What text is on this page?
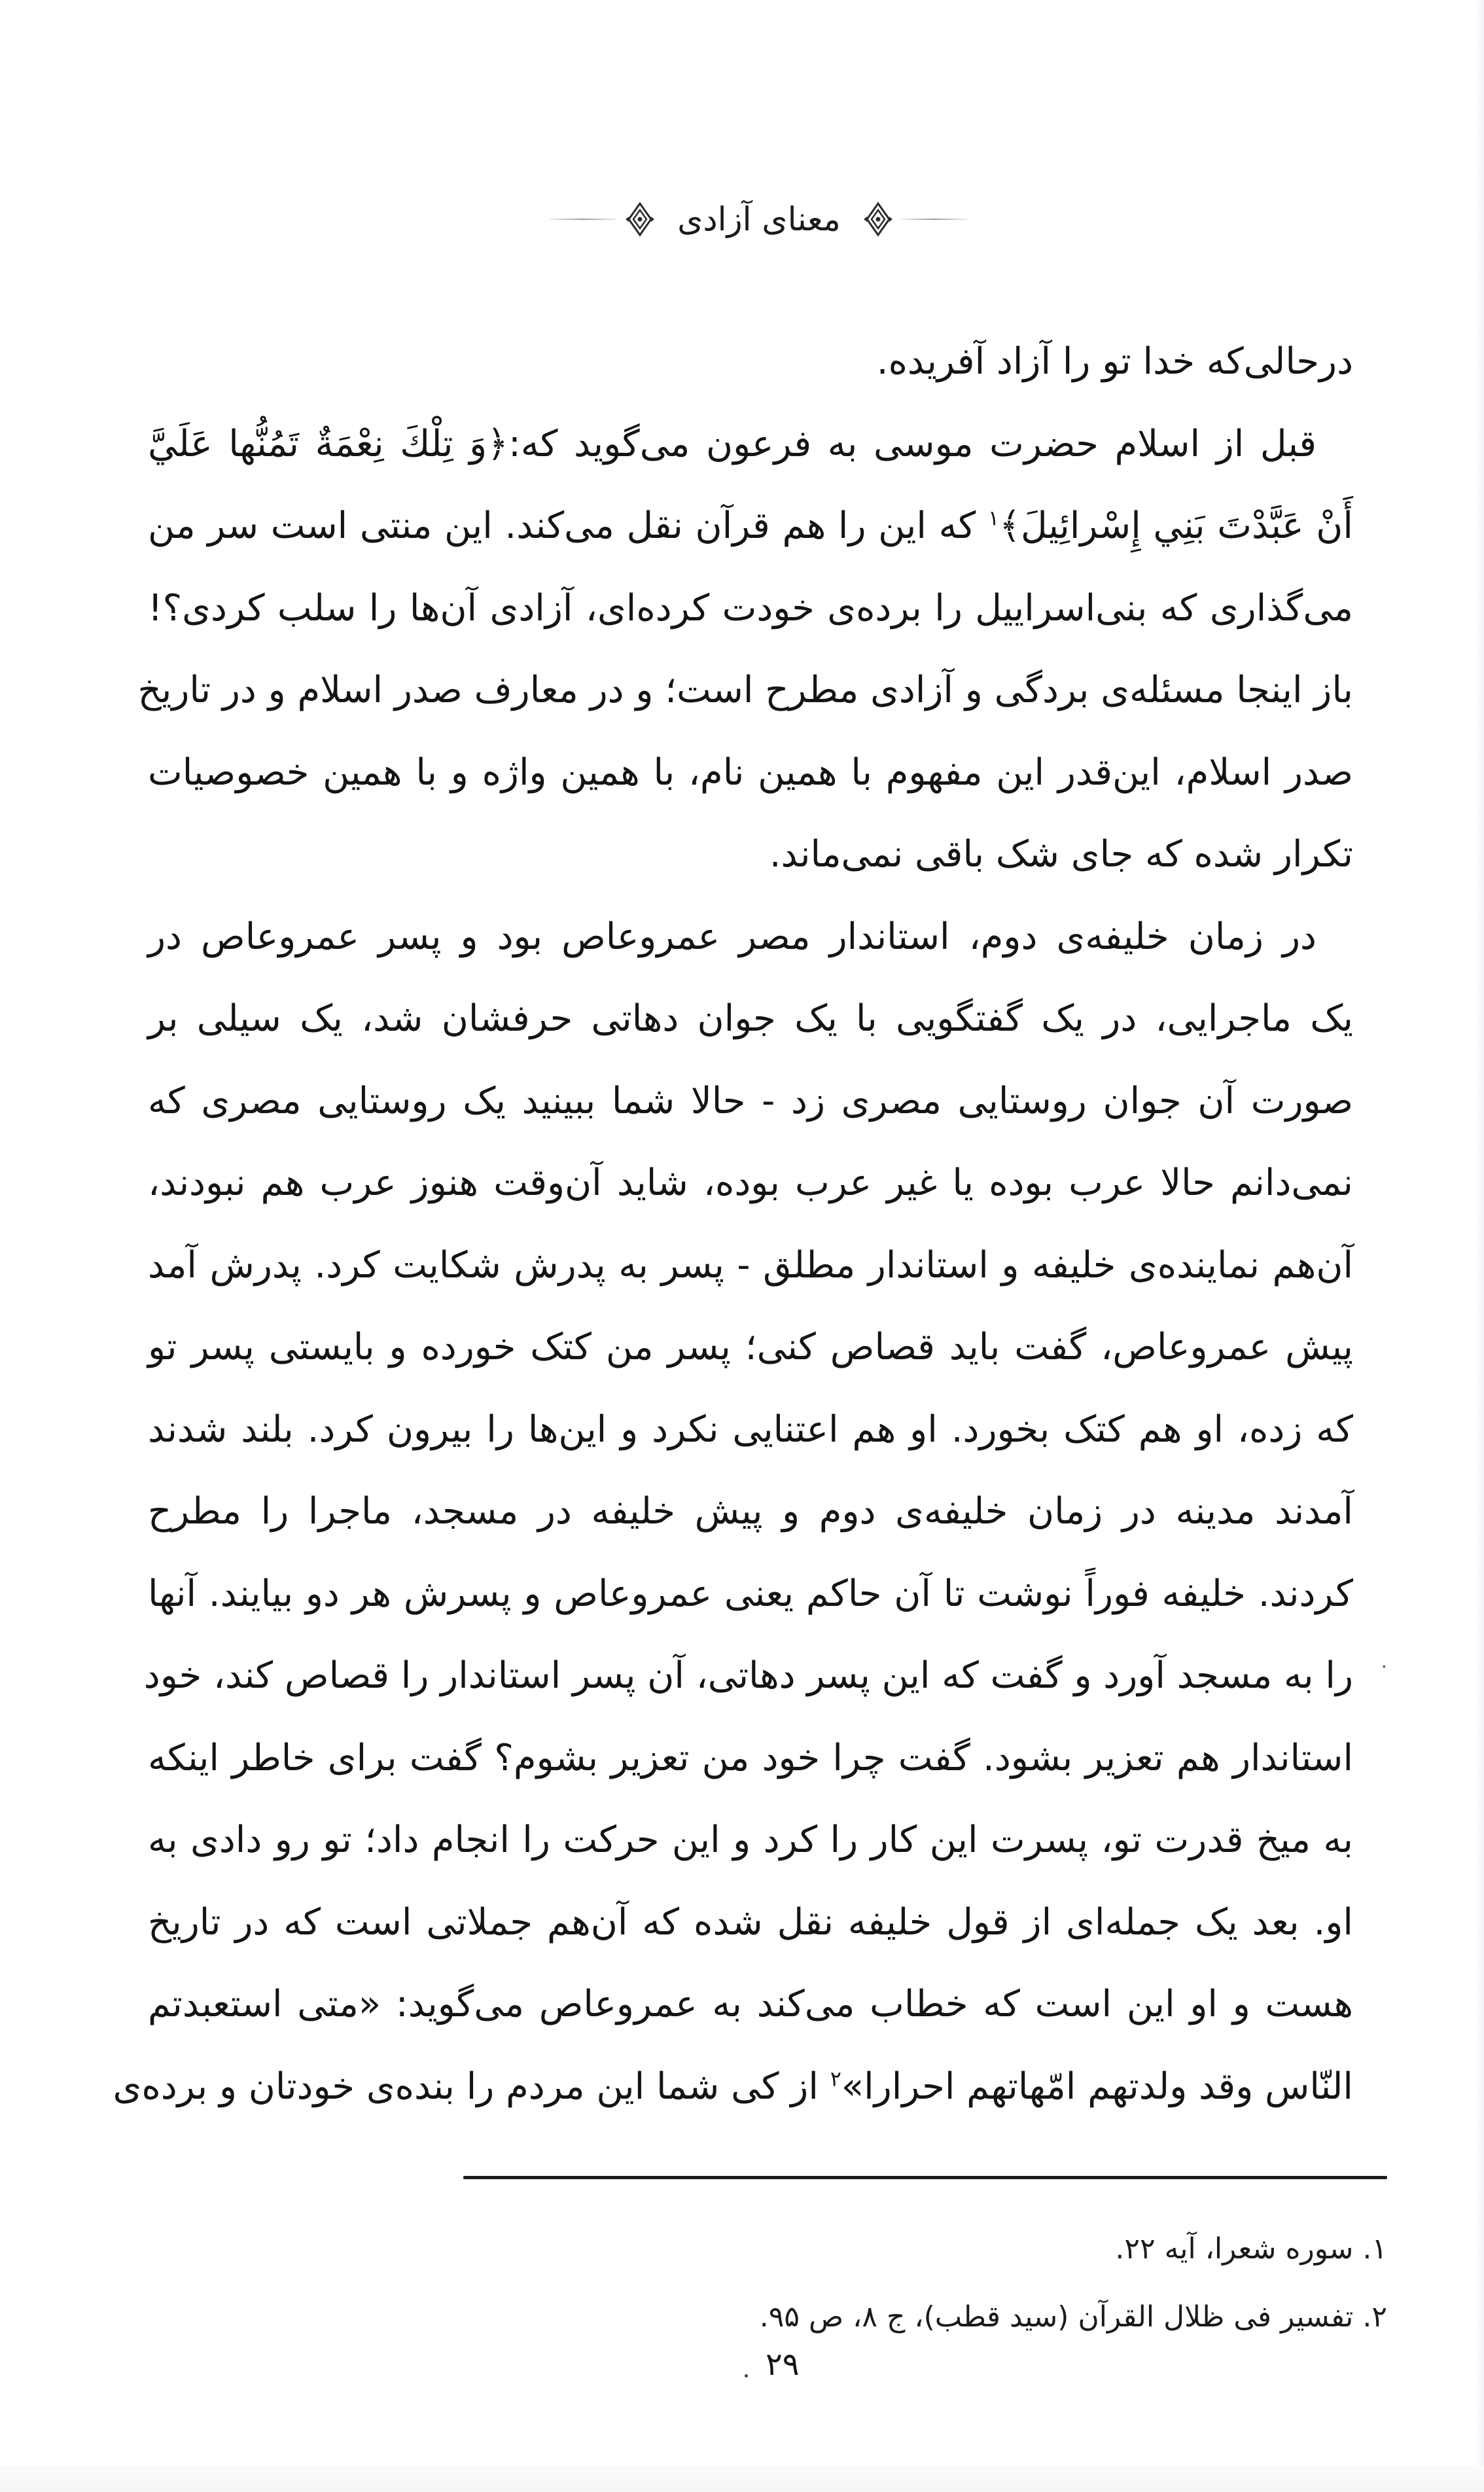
معنای آزادی
درحالی‌که خدا تو را آزاد آفریده.
قبل از اسلام حضرت موسی به فرعون می‌گوید که:﴿وَ تِلْكَ نِعْمَةٌ تَمُنُّها عَلَيَّ
أَنْ عَبَّدْتَ بَنِي إِسْرائِيلَ﴾$^۱$ که این را هم قرآن نقل می‌کند. این منتی است سر من
می‌گذاری که بنی‌اسراییل را برده‌ی خودت کرده‌ای، آزادی آن‌ها را سلب کردی؟!
باز اینجا مسئله‌ی بردگی و آزادی مطرح است؛ و در معارف صدر اسلام و در تاریخ
صدر اسلام، این‌قدر این مفهوم با همین نام، با همین واژه و با همین خصوصیات
تکرار شده که جای شک باقی نمی‌ماند.
در زمان خلیفه‌ی دوم، استاندار مصر عمروعاص بود و پسر عمروعاص در
یک ماجرایی، در یک گفتگویی با یک جوان دهاتی حرفشان شد، یک سیلی بر
صورت آن جوان روستایی مصری زد - حالا شما ببینید یک روستایی مصری که
نمی‌دانم حالا عرب بوده یا غیر عرب بوده، شاید آن‌وقت هنوز عرب هم نبودند،
آن‌هم نماینده‌ی خلیفه و استاندار مطلق - پسر به پدرش شکایت کرد. پدرش آمد
پیش عمروعاص، گفت باید قصاص کنی؛ پسر من کتک خورده و بایستی پسر تو
که زده، او هم کتک بخورد. او هم اعتنایی نکرد و این‌ها را بیرون کرد. بلند شدند
آمدند مدینه در زمان خلیفه‌ی دوم و پیش خلیفه در مسجد، ماجرا را مطرح
کردند. خلیفه فوراً نوشت تا آن حاکم یعنی عمروعاص و پسرش هر دو بیایند. آنها
را به مسجد آورد و گفت که این پسر دهاتی، آن پسر استاندار را قصاص کند، خود
استاندار هم تعزیر بشود. گفت چرا خود من تعزیر بشوم؟ گفت برای خاطر اینکه
به میخ قدرت تو، پسرت این کار را کرد و این حرکت را انجام داد؛ تو رو دادی به
او. بعد یک جمله‌ای از قول خلیفه نقل شده که آن‌هم جملاتی است که در تاریخ
هست و او این است که خطاب می‌کند به عمروعاص می‌گوید: «متی استعبدتم
النّاس وقد ولدتهم امّهاتهم احرارا»$^۲$ از کی شما این مردم را بنده‌ی خودتان و برده‌ی
·
۱. سوره شعرا، آیه ۲۲.
۲. تفسیر فی ظلال القرآن (سید قطب)، ج ۸، ص ۹۵.
۲۹
